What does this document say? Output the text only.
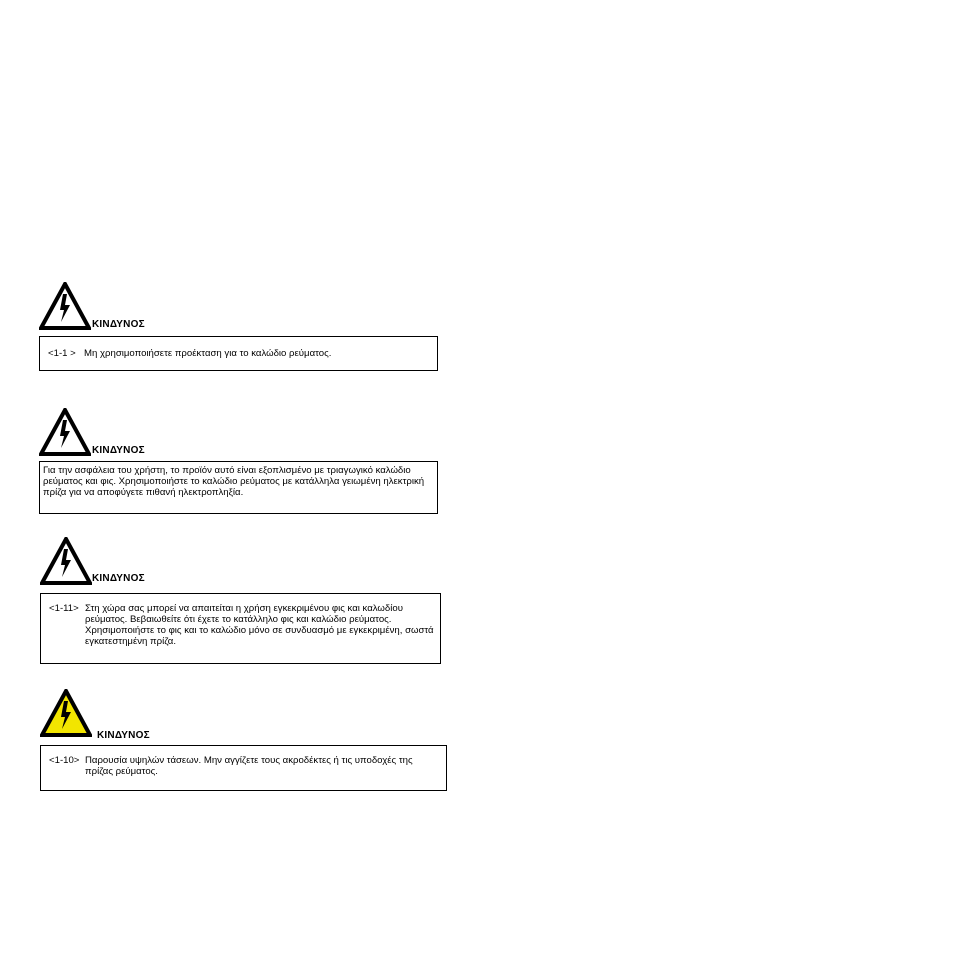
ΚΙΝΔΥΝΟΣ
<1-1 > Μη χρησιμοποιήσετε προέκταση για το καλώδιο ρεύματος.
ΚΙΝΔΥΝΟΣ
Για την ασφάλεια του χρήστη, το προϊόν αυτό είναι εξοπλισμένο με τριαγωγικό καλώδιο ρεύματος και φις. Χρησιμοποιήστε το καλώδιο ρεύματος με κατάλληλα γειωμένη ηλεκτρική πρίζα για να αποφύγετε πιθανή ηλεκτροπληξία.
ΚΙΝΔΥΝΟΣ
<1-11> Στη χώρα σας μπορεί να απαιτείται η χρήση εγκεκριμένου φις και καλωδίου ρεύματος. Βεβαιωθείτε ότι έχετε το κατάλληλο φις και καλώδιο ρεύματος. Χρησιμοποιήστε το φις και το καλώδιο μόνο σε συνδυασμό με εγκεκριμένη, σωστά εγκατεστημένη πρίζα.
ΚΙΝΔΥΝΟΣ
<1-10> Παρουσία υψηλών τάσεων. Μην αγγίζετε τους ακροδέκτες ή τις υποδοχές της πρίζας ρεύματος.
